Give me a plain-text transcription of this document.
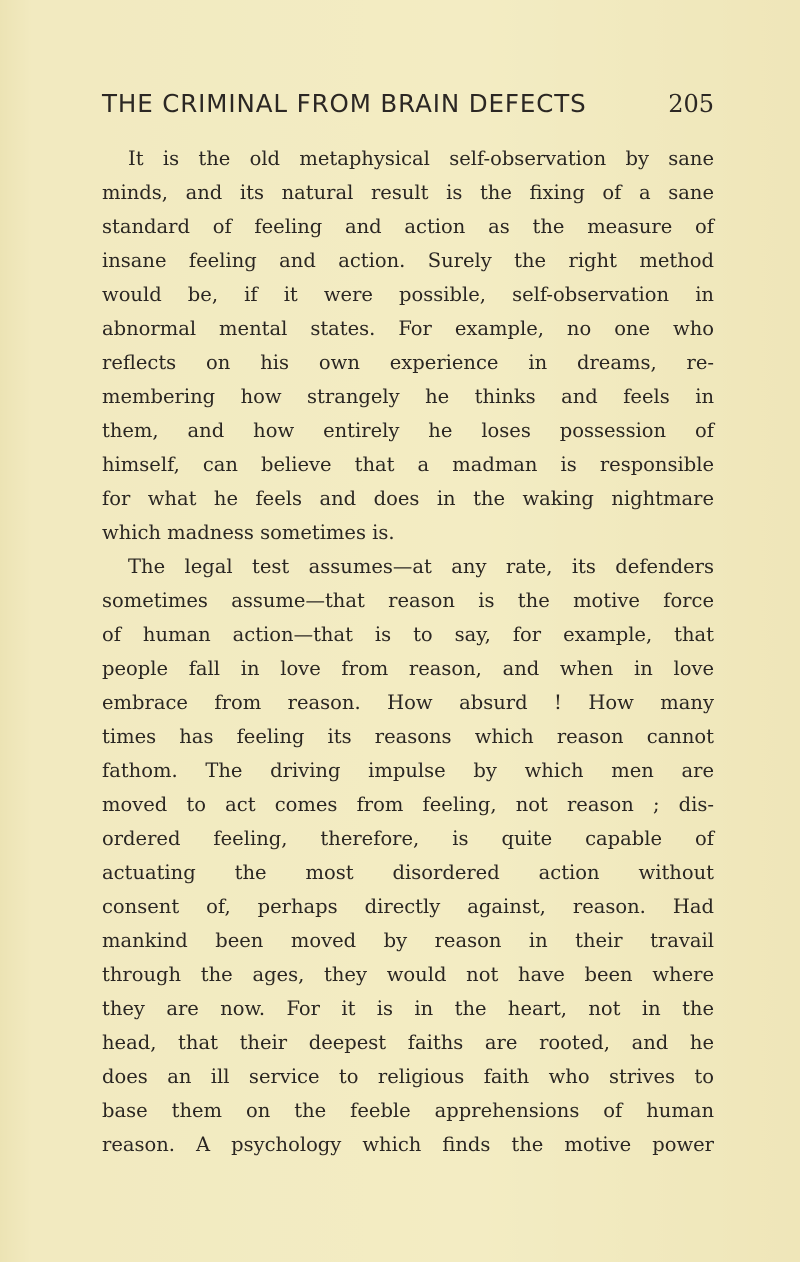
THE CRIMINAL FROM BRAIN DEFECTS	205
It is the old metaphysical self-observation by sane
minds, and its natural result is the fixing of a sane
standard of feeling and action as the measure of
insane feeling and action. Surely the right method
would be, if it were possible, self-observation in
abnormal mental states. For example, no one who
reflects on his own experience in dreams, re-
membering how strangely he thinks and feels in
them, and how entirely he loses possession of
himself, can believe that a madman is responsible
for what he feels and does in the waking nightmare
which madness sometimes is.
The legal test assumes—at any rate, its defenders
sometimes assume—that reason is the motive force
of human action—that is to say, for example, that
people fall in love from reason, and when in love
embrace from reason. How absurd ! How many
times has feeling its reasons which reason cannot
fathom. The driving impulse by which men are
moved to act comes from feeling, not reason ; dis-
ordered feeling, therefore, is quite capable of
actuating the most disordered action without
consent of, perhaps directly against, reason. Had
mankind been moved by reason in their travail
through the ages, they would not have been where
they are now. For it is in the heart, not in the
head, that their deepest faiths are rooted, and he
does an ill service to religious faith who strives to
base them on the feeble apprehensions of human
reason. A psychology which finds the motive power
